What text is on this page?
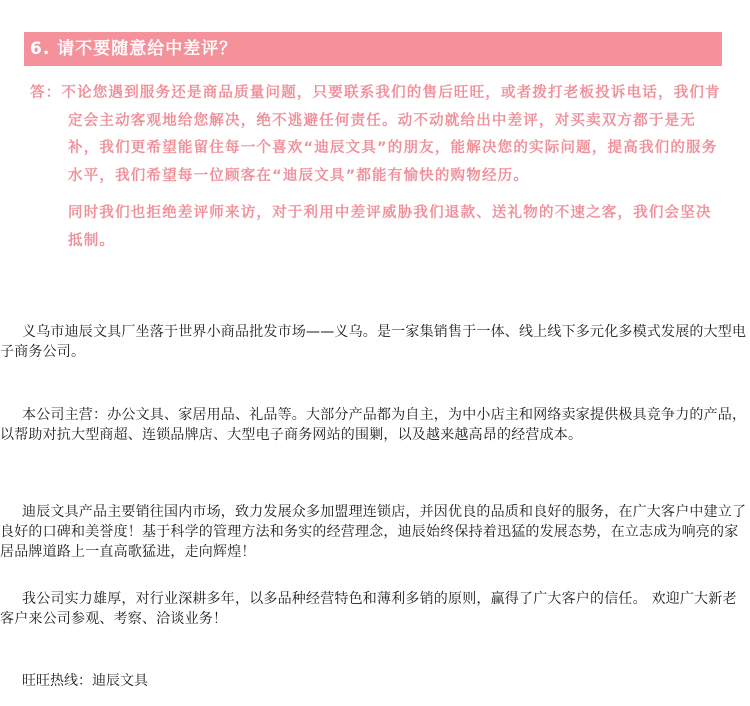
6. 请不要随意给中差评？

答：不论您遇到服务还是商品质量问题，只要联系我们的售后旺旺，或者拨打老板投诉电话，我们肯定会主动客观地给您解决，绝不逃避任何责任。动不动就给出中差评，对买卖双方都于是无补，我们更希望能留住每一个喜欢“迪辰文具”的朋友，能解决您的实际问题，提高我们的服务水平，我们希望每一位顾客在“迪辰文具”都能有愉快的购物经历。

同时我们也拒绝差评师来访，对于利用中差评威胁我们退款、送礼物的不速之客，我们会坚决抵制。

义乌市迪辰文具厂坐落于世界小商品批发市场——义乌。是一家集销售于一体、线上线下多元化多模式发展的大型电子商务公司。

本公司主营：办公文具、家居用品、礼品等。大部分产品都为自主，为中小店主和网络卖家提供极具竞争力的产品，以帮助对抗大型商超、连锁品牌店、大型电子商务网站的围剿，以及越来越高昂的经营成本。

迪辰文具产品主要销往国内市场，致力发展众多加盟理连锁店，并因优良的品质和良好的服务，在广大客户中建立了良好的口碑和美誉度！基于科学的管理方法和务实的经营理念，迪辰始终保持着迅猛的发展态势，在立志成为响亮的家居品牌道路上一直高歌猛进，走向辉煌！

我公司实力雄厚，对行业深耕多年，以多品种经营特色和薄利多销的原则，赢得了广大客户的信任。 欢迎广大新老客户来公司参观、考察、洽谈业务！

旺旺热线：迪辰文具
